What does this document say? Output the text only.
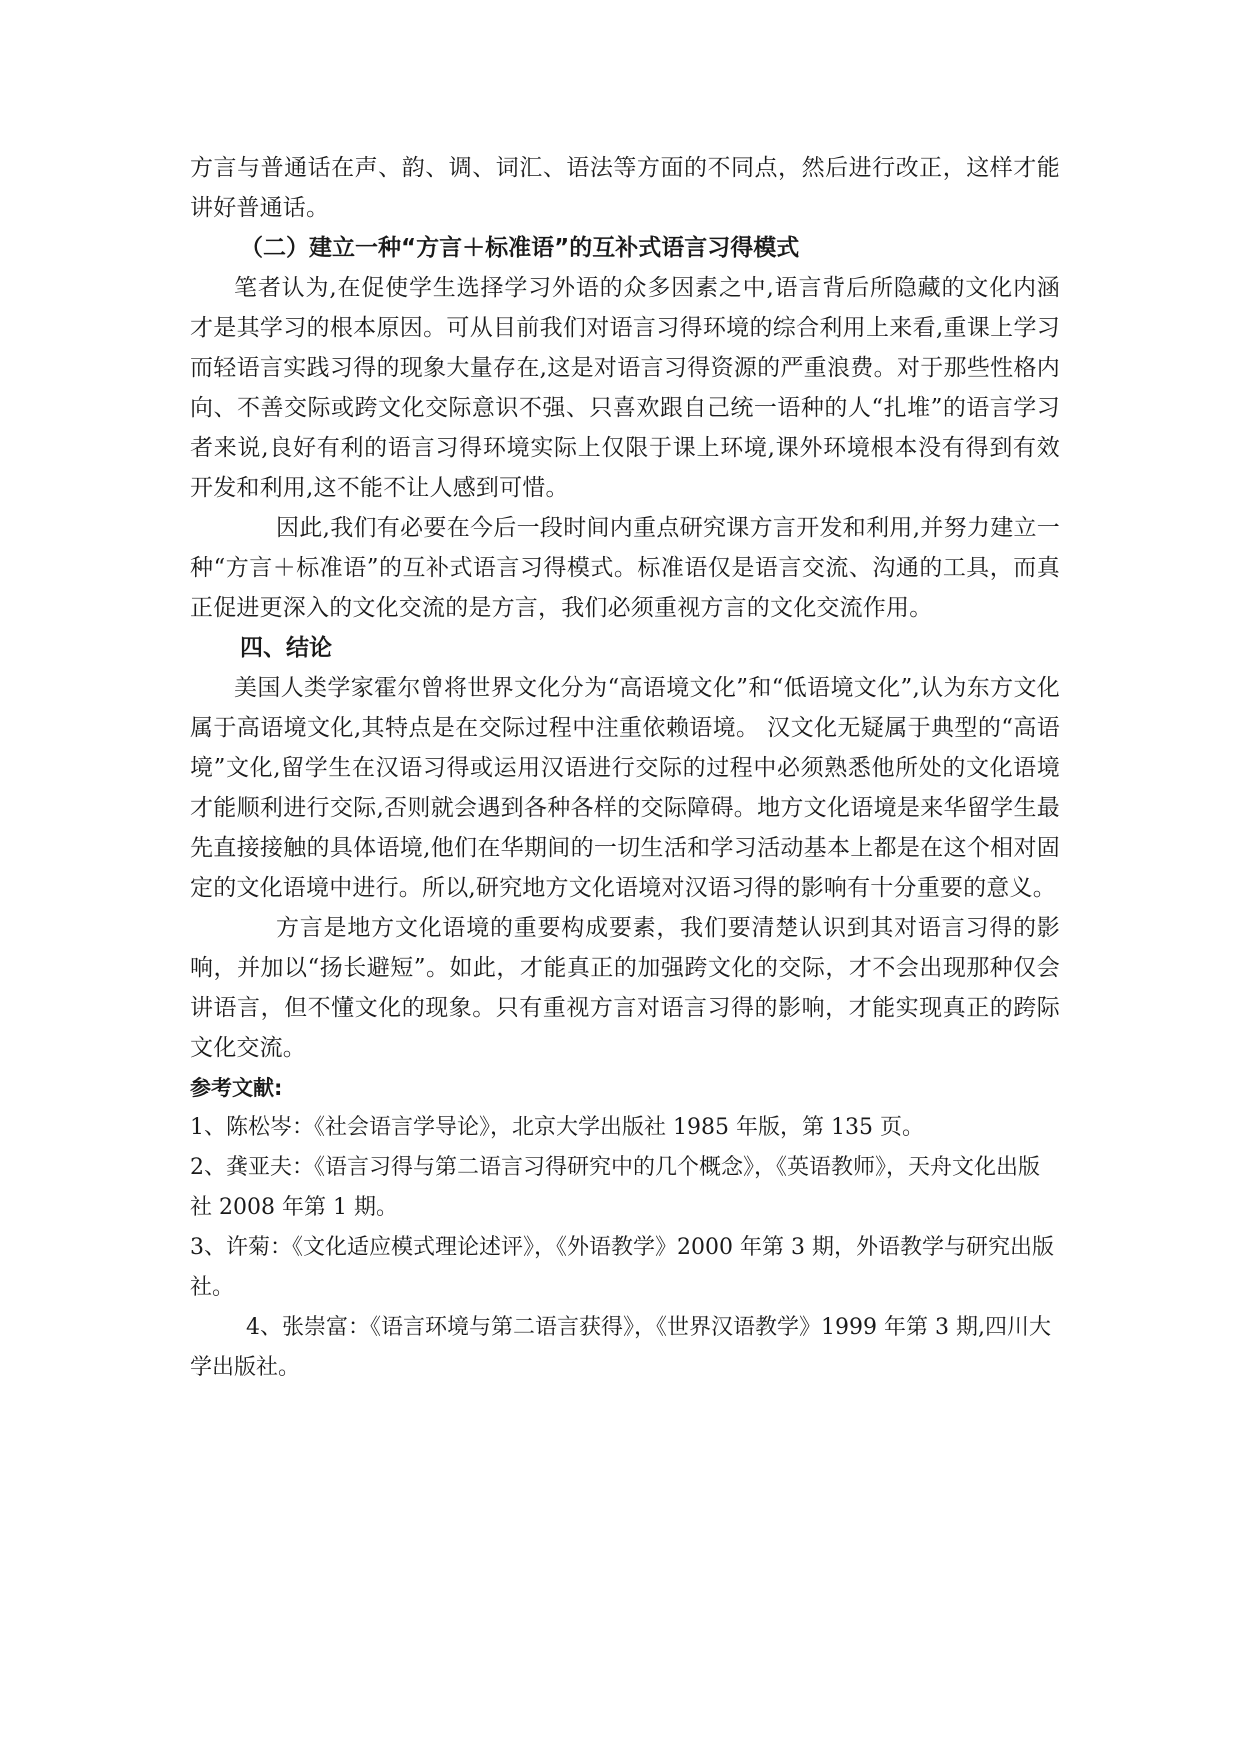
方言与普通话在声、韵、调、词汇、语法等方面的不同点，然后进行改正，这样才能讲好普通话。

（二）建立一种“方言＋标准语”的互补式语言习得模式

笔者认为,在促使学生选择学习外语的众多因素之中,语言背后所隐藏的文化内涵才是其学习的根本原因。可从目前我们对语言习得环境的综合利用上来看,重课上学习而轻语言实践习得的现象大量存在,这是对语言习得资源的严重浪费。对于那些性格内向、不善交际或跨文化交际意识不强、只喜欢跟自己统一语种的人“扎堆”的语言学习者来说,良好有利的语言习得环境实际上仅限于课上环境,课外环境根本没有得到有效开发和利用,这不能不让人感到可惜。

因此,我们有必要在今后一段时间内重点研究课方言开发和利用,并努力建立一种“方言＋标准语”的互补式语言习得模式。标准语仅是语言交流、沟通的工具，而真正促进更深入的文化交流的是方言，我们必须重视方言的文化交流作用。

四、结论

美国人类学家霍尔曾将世界文化分为“高语境文化”和“低语境文化”,认为东方文化属于高语境文化,其特点是在交际过程中注重依赖语境。 汉文化无疑属于典型的“高语境”文化,留学生在汉语习得或运用汉语进行交际的过程中必须熟悉他所处的文化语境才能顺利进行交际,否则就会遇到各种各样的交际障碍。地方文化语境是来华留学生最先直接接触的具体语境,他们在华期间的一切生活和学习活动基本上都是在这个相对固定的文化语境中进行。所以,研究地方文化语境对汉语习得的影响有十分重要的意义。

方言是地方文化语境的重要构成要素，我们要清楚认识到其对语言习得的影响，并加以“扬长避短”。如此，才能真正的加强跨文化的交际，才不会出现那种仅会讲语言，但不懂文化的现象。只有重视方言对语言习得的影响，才能实现真正的跨际文化交流。

参考文献:

1、陈松岑：《社会语言学导论》，北京大学出版社 1985 年版，第 135 页。

2、龚亚夫：《语言习得与第二语言习得研究中的几个概念》，《英语教师》，天舟文化出版社 2008 年第 1 期。

3、许菊：《文化适应模式理论述评》，《外语教学》2000 年第 3 期，外语教学与研究出版社。

4、张崇富：《语言环境与第二语言获得》，《世界汉语教学》1999 年第 3 期,四川大学出版社。
